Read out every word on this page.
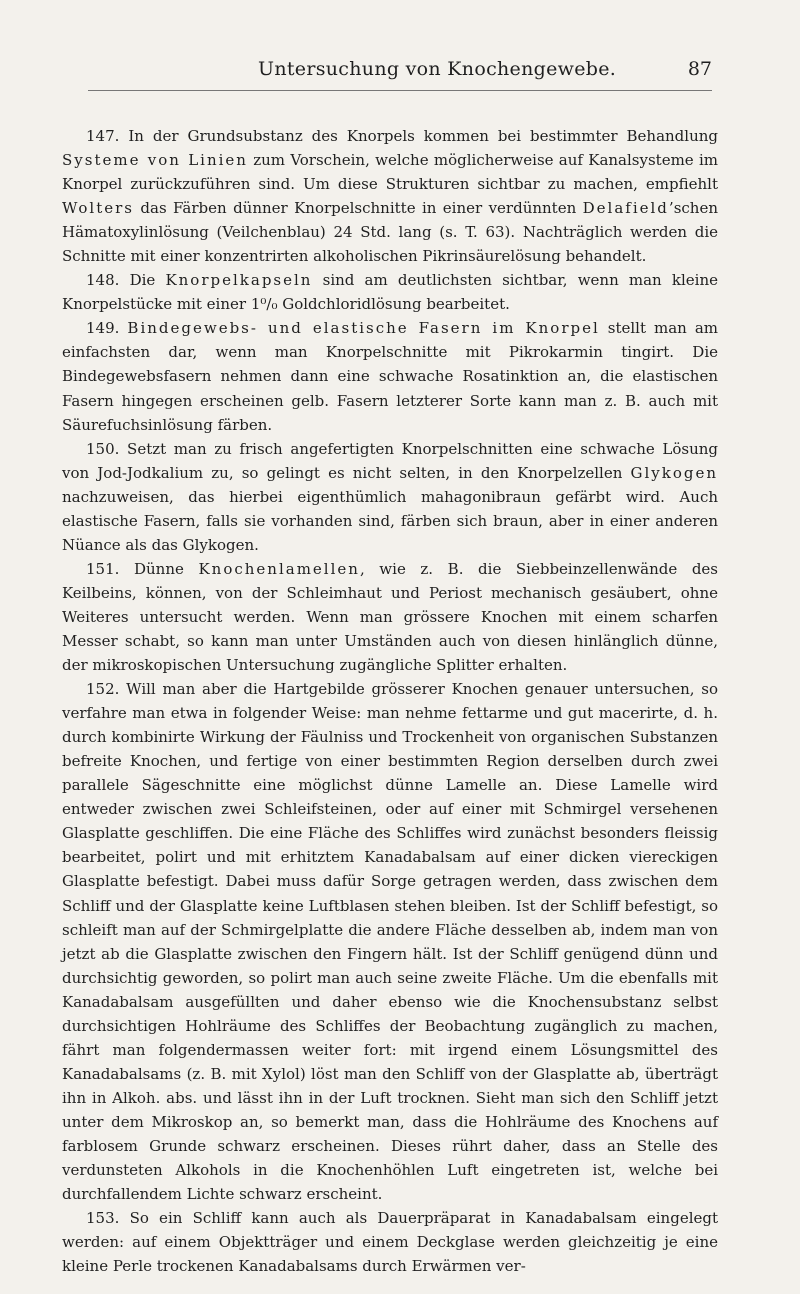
Untersuchung von Knochengewebe.	87

147. In der Grundsubstanz des Knorpels kommen bei bestimmter Behandlung Systeme von Linien zum Vorschein, welche möglicherweise auf Kanalsysteme im Knorpel zurückzuführen sind. Um diese Strukturen sichtbar zu machen, empfiehlt Wolters das Färben dünner Knorpelschnitte in einer verdünnten Delafield’schen Hämatoxylinlösung (Veilchenblau) 24 Std. lang (s. T. 63). Nachträglich werden die Schnitte mit einer konzentrirten alkoholischen Pikrinsäurelösung behandelt.

148. Die Knorpelkapseln sind am deutlichsten sichtbar, wenn man kleine Knorpelstücke mit einer 1⁰/₀ Goldchloridlösung bearbeitet.

149. Bindegewebs- und elastische Fasern im Knorpel stellt man am einfachsten dar, wenn man Knorpelschnitte mit Pikrokarmin tingirt. Die Bindegewebsfasern nehmen dann eine schwache Rosatinktion an, die elastischen Fasern hingegen erscheinen gelb. Fasern letzterer Sorte kann man z. B. auch mit Säurefuchsinlösung färben.

150. Setzt man zu frisch angefertigten Knorpelschnitten eine schwache Lösung von Jod-Jodkalium zu, so gelingt es nicht selten, in den Knorpelzellen Glykogen nachzuweisen, das hierbei eigenthümlich mahagonibraun gefärbt wird. Auch elastische Fasern, falls sie vorhanden sind, färben sich braun, aber in einer anderen Nüance als das Glykogen.

151. Dünne Knochenlamellen, wie z. B. die Siebbeinzellenwände des Keilbeins, können, von der Schleimhaut und Periost mechanisch gesäubert, ohne Weiteres untersucht werden. Wenn man grössere Knochen mit einem scharfen Messer schabt, so kann man unter Umständen auch von diesen hinlänglich dünne, der mikroskopischen Untersuchung zugängliche Splitter erhalten.

152. Will man aber die Hartgebilde grösserer Knochen genauer untersuchen, so verfahre man etwa in folgender Weise: man nehme fettarme und gut macerirte, d. h. durch kombinirte Wirkung der Fäulniss und Trockenheit von organischen Substanzen befreite Knochen, und fertige von einer bestimmten Region derselben durch zwei parallele Sägeschnitte eine möglichst dünne Lamelle an. Diese Lamelle wird entweder zwischen zwei Schleifsteinen, oder auf einer mit Schmirgel versehenen Glasplatte geschliffen. Die eine Fläche des Schliffes wird zunächst besonders fleissig bearbeitet, polirt und mit erhitztem Kanadabalsam auf einer dicken viereckigen Glasplatte befestigt. Dabei muss dafür Sorge getragen werden, dass zwischen dem Schliff und der Glasplatte keine Luftblasen stehen bleiben. Ist der Schliff befestigt, so schleift man auf der Schmirgelplatte die andere Fläche desselben ab, indem man von jetzt ab die Glasplatte zwischen den Fingern hält. Ist der Schliff genügend dünn und durchsichtig geworden, so polirt man auch seine zweite Fläche. Um die ebenfalls mit Kanadabalsam ausgefüllten und daher ebenso wie die Knochensubstanz selbst durchsichtigen Hohlräume des Schliffes der Beobachtung zugänglich zu machen, fährt man folgendermassen weiter fort: mit irgend einem Lösungsmittel des Kanadabalsams (z. B. mit Xylol) löst man den Schliff von der Glasplatte ab, überträgt ihn in Alkoh. abs. und lässt ihn in der Luft trocknen. Sieht man sich den Schliff jetzt unter dem Mikroskop an, so bemerkt man, dass die Hohlräume des Knochens auf farblosem Grunde schwarz erscheinen. Dieses rührt daher, dass an Stelle des verdunsteten Alkohols in die Knochenhöhlen Luft eingetreten ist, welche bei durchfallendem Lichte schwarz erscheint.

153. So ein Schliff kann auch als Dauerpräparat in Kanadabalsam eingelegt werden: auf einem Objektträger und einem Deckglase werden gleichzeitig je eine kleine Perle trockenen Kanadabalsams durch Erwärmen ver-
